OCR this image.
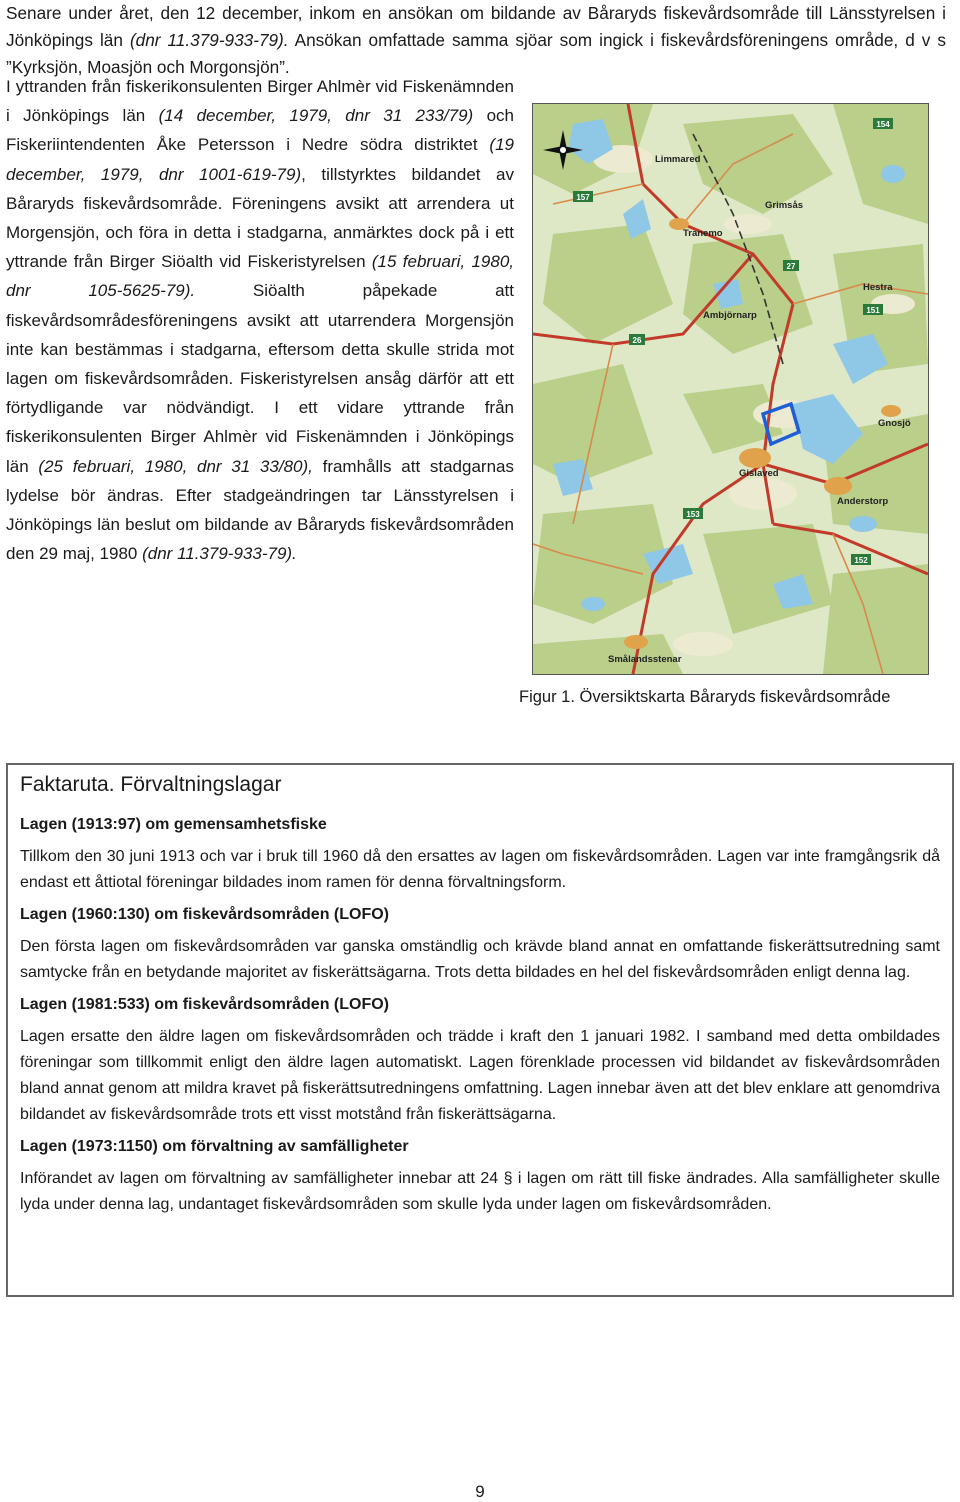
Senare under året, den 12 december, inkom en ansökan om bildande av Båraryds fiskevårdsområde till Länsstyrelsen i Jönköpings län (dnr 11.379-933-79). Ansökan omfattade samma sjöar som ingick i fiskevårdsföreningens område, d v s ”Kyrksjön, Moasjön och Morgonsjön”.
I yttranden från fiskerikonsulenten Birger Ahlmèr vid Fiskenämnden i Jönköpings län (14 december, 1979, dnr 31 233/79) och Fiskeriintendenten Åke Petersson i Nedre södra distriktet (19 december, 1979, dnr 1001-619-79), tillstyrktes bildandet av Båraryds fiskevårdsområde. Föreningens avsikt att arrendera ut Morgensjön, och föra in detta i stadgarna, anmärktes dock på i ett yttrande från Birger Siöalth vid Fiskeristyrelsen (15 februari, 1980, dnr 105-5625-79). Siöalth påpekade att fiskevårdsområdesföreningens avsikt att utarrendera Morgensjön inte kan bestämmas i stadgarna, eftersom detta skulle strida mot lagen om fiskevårdsområden. Fiskeristyrelsen ansåg därför att ett förtydligande var nödvändigt. I ett vidare yttrande från fiskerikonsulenten Birger Ahlmèr vid Fiskenämnden i Jönköpings län (25 februari, 1980, dnr 31 33/80), framhålls att stadgarnas lydelse bör ändras. Efter stadgeändringen tar Länsstyrelsen i Jönköpings län beslut om bildande av Båraryds fiskevårdsområden den 29 maj, 1980 (dnr 11.379-933-79).
157
154
27
26
153
151
152
Limmared
Tranemo
Grimsås
Ambjörnarp
Hestra
Gnosjö
Gislaved
Anderstorp
Smålandsstenar
Figur 1. Översiktskarta Båraryds fiskevårdsområde
Faktaruta. Förvaltningslagar
Lagen (1913:97) om gemensamhetsfiske
Tillkom den 30 juni 1913 och var i bruk till 1960 då den ersattes av lagen om fiskevårdsområden. Lagen var inte framgångsrik då endast ett åttiotal föreningar bildades inom ramen för denna förvaltningsform.
Lagen (1960:130) om fiskevårdsområden (LOFO)
Den första lagen om fiskevårdsområden var ganska omständlig och krävde bland annat en omfattande fiskerättsutredning samt samtycke från en betydande majoritet av fiskerättsägarna. Trots detta bildades en hel del fiskevårdsområden enligt denna lag.
Lagen (1981:533) om fiskevårdsområden (LOFO)
Lagen ersatte den äldre lagen om fiskevårdsområden och trädde i kraft den 1 januari 1982. I samband med detta ombildades föreningar som tillkommit enligt den äldre lagen automatiskt. Lagen förenklade processen vid bildandet av fiskevårdsområden bland annat genom att mildra kravet på fiskerättsutredningens omfattning. Lagen innebar även att det blev enklare att genomdriva bildandet av fiskevårdsområde trots ett visst motstånd från fiskerättsägarna.
Lagen (1973:1150) om förvaltning av samfälligheter
Införandet av lagen om förvaltning av samfälligheter innebar att 24 § i lagen om rätt till fiske ändrades. Alla samfälligheter skulle lyda under denna lag, undantaget fiskevårdsområden som skulle lyda under lagen om fiskevårdsområden.
9
